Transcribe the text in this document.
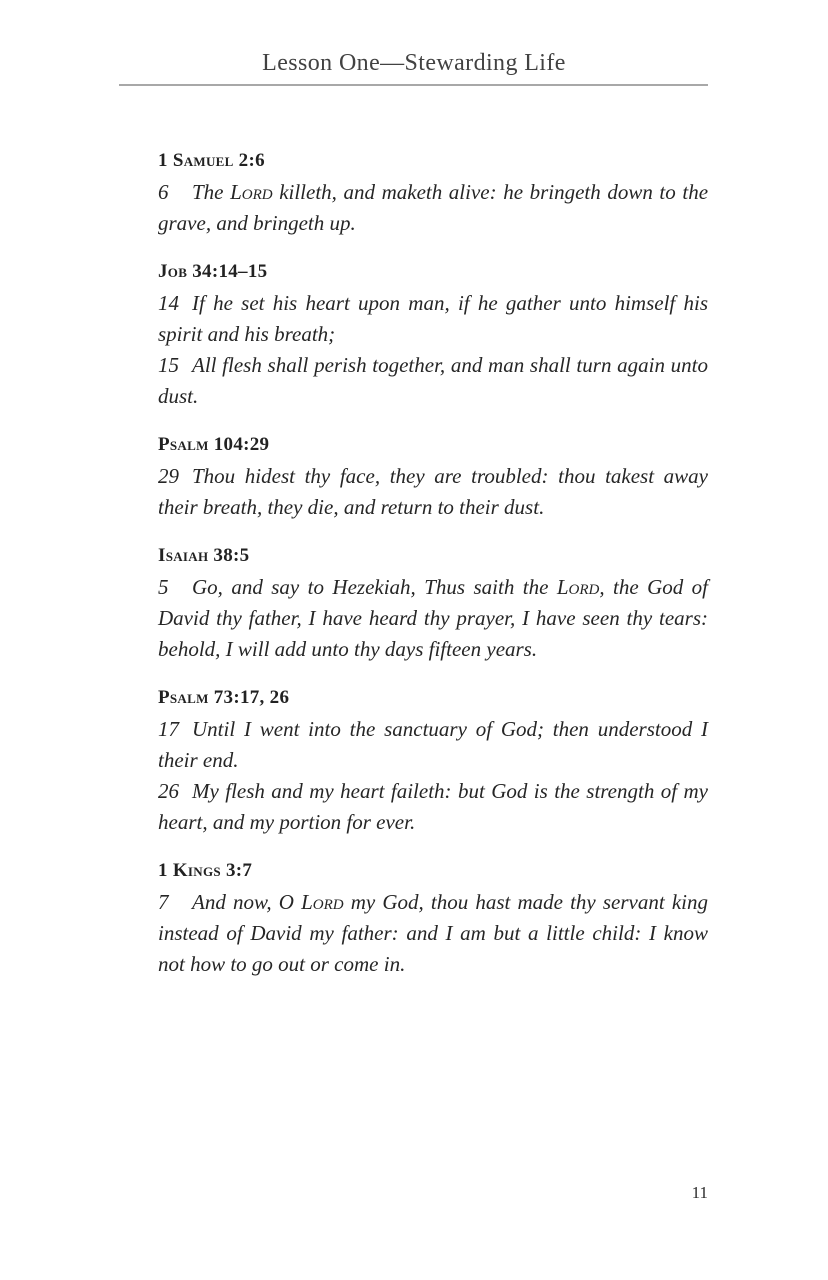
Lesson One—Stewarding Life
1 Samuel 2:6

6 The Lord killeth, and maketh alive: he bringeth down to the grave, and bringeth up.

Job 34:14–15

14 If he set his heart upon man, if he gather unto himself his spirit and his breath;

15 All flesh shall perish together, and man shall turn again unto dust.

Psalm 104:29

29 Thou hidest thy face, they are troubled: thou takest away their breath, they die, and return to their dust.

Isaiah 38:5

5 Go, and say to Hezekiah, Thus saith the Lord, the God of David thy father, I have heard thy prayer, I have seen thy tears: behold, I will add unto thy days fifteen years.

Psalm 73:17, 26

17 Until I went into the sanctuary of God; then understood I their end.

26 My flesh and my heart faileth: but God is the strength of my heart, and my portion for ever.

1 Kings 3:7

7 And now, O Lord my God, thou hast made thy servant king instead of David my father: and I am but a little child: I know not how to go out or come in.

11
